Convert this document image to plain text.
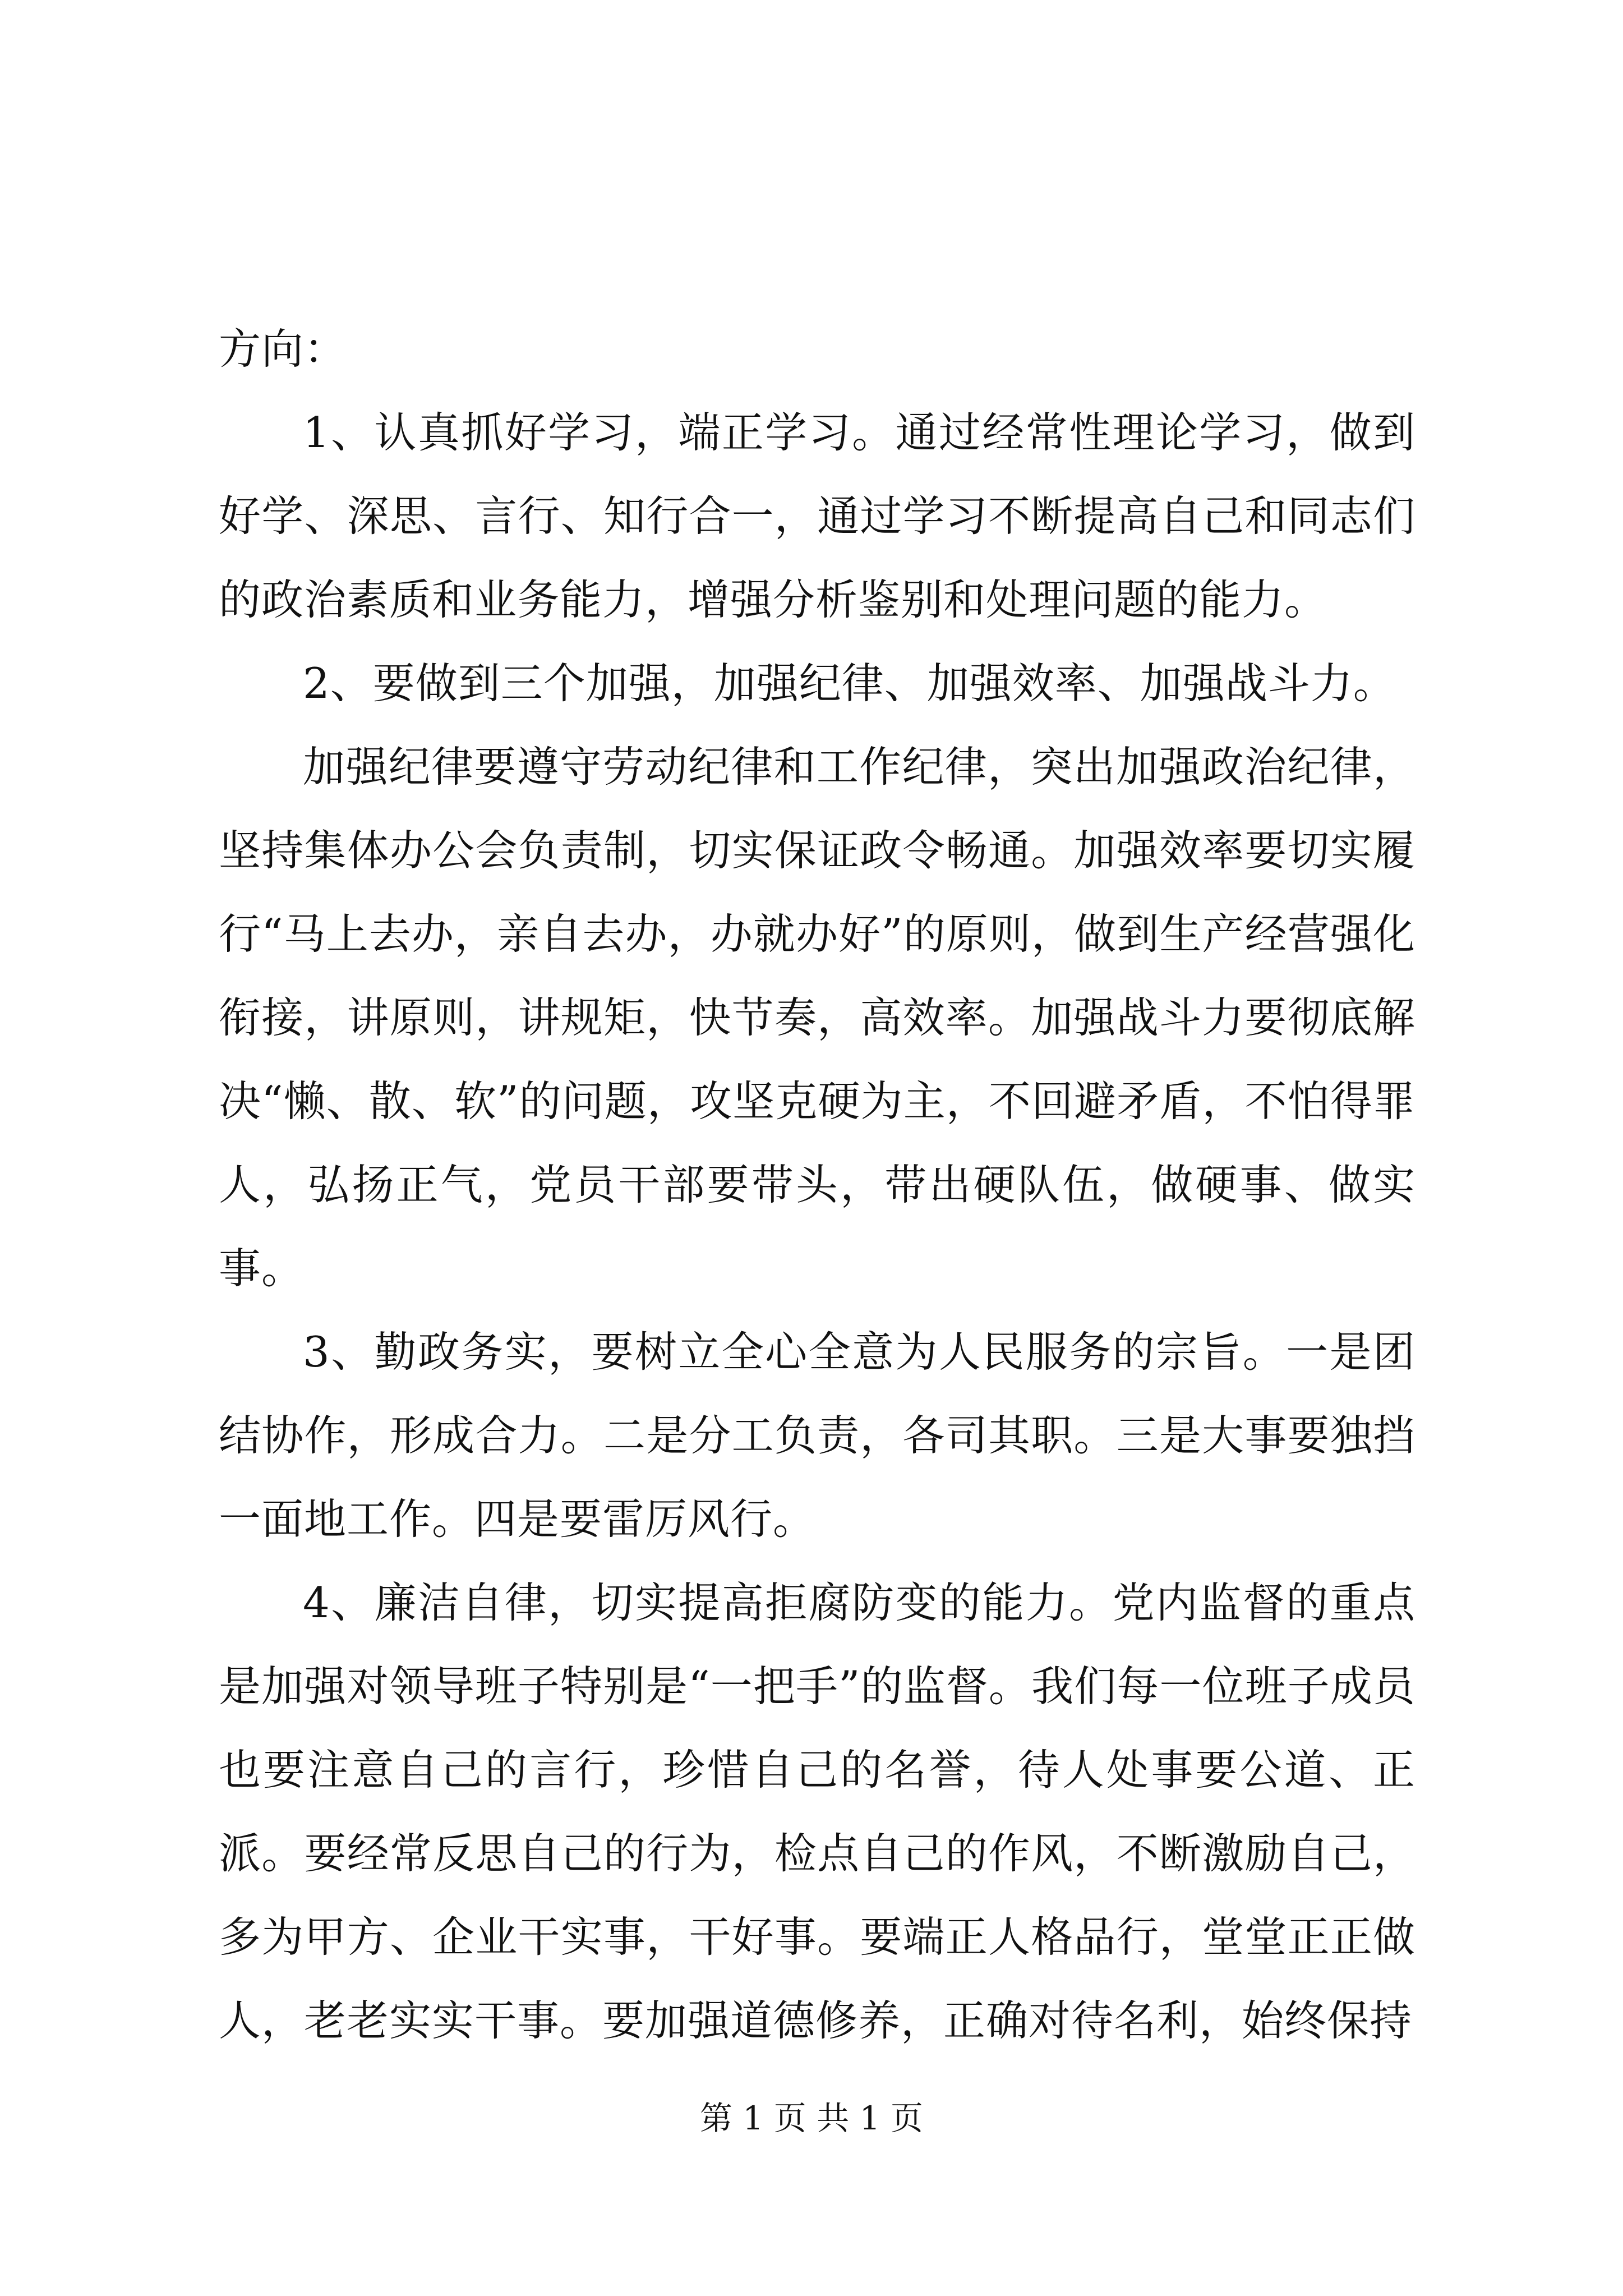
方向：

1、认真抓好学习，端正学习。通过经常性理论学习，做到好学、深思、言行、知行合一，通过学习不断提高自己和同志们的政治素质和业务能力，增强分析鉴别和处理问题的能力。

2、要做到三个加强，加强纪律、加强效率、加强战斗力。

加强纪律要遵守劳动纪律和工作纪律，突出加强政治纪律，坚持集体办公会负责制，切实保证政令畅通。加强效率要切实履行“马上去办，亲自去办，办就办好”的原则，做到生产经营强化衔接，讲原则，讲规矩，快节奏，高效率。加强战斗力要彻底解决“懒、散、软”的问题，攻坚克硬为主，不回避矛盾，不怕得罪人，弘扬正气，党员干部要带头，带出硬队伍，做硬事、做实事。

3、勤政务实，要树立全心全意为人民服务的宗旨。一是团结协作，形成合力。二是分工负责，各司其职。三是大事要独挡一面地工作。四是要雷厉风行。

4、廉洁自律，切实提高拒腐防变的能力。党内监督的重点是加强对领导班子特别是“一把手”的监督。我们每一位班子成员也要注意自己的言行，珍惜自己的名誉，待人处事要公道、正派。要经常反思自己的行为，检点自己的作风，不断激励自己，多为甲方、企业干实事，干好事。要端正人格品行，堂堂正正做人，老老实实干事。要加强道德修养，正确对待名利，始终保持

第 1 页 共 1 页
